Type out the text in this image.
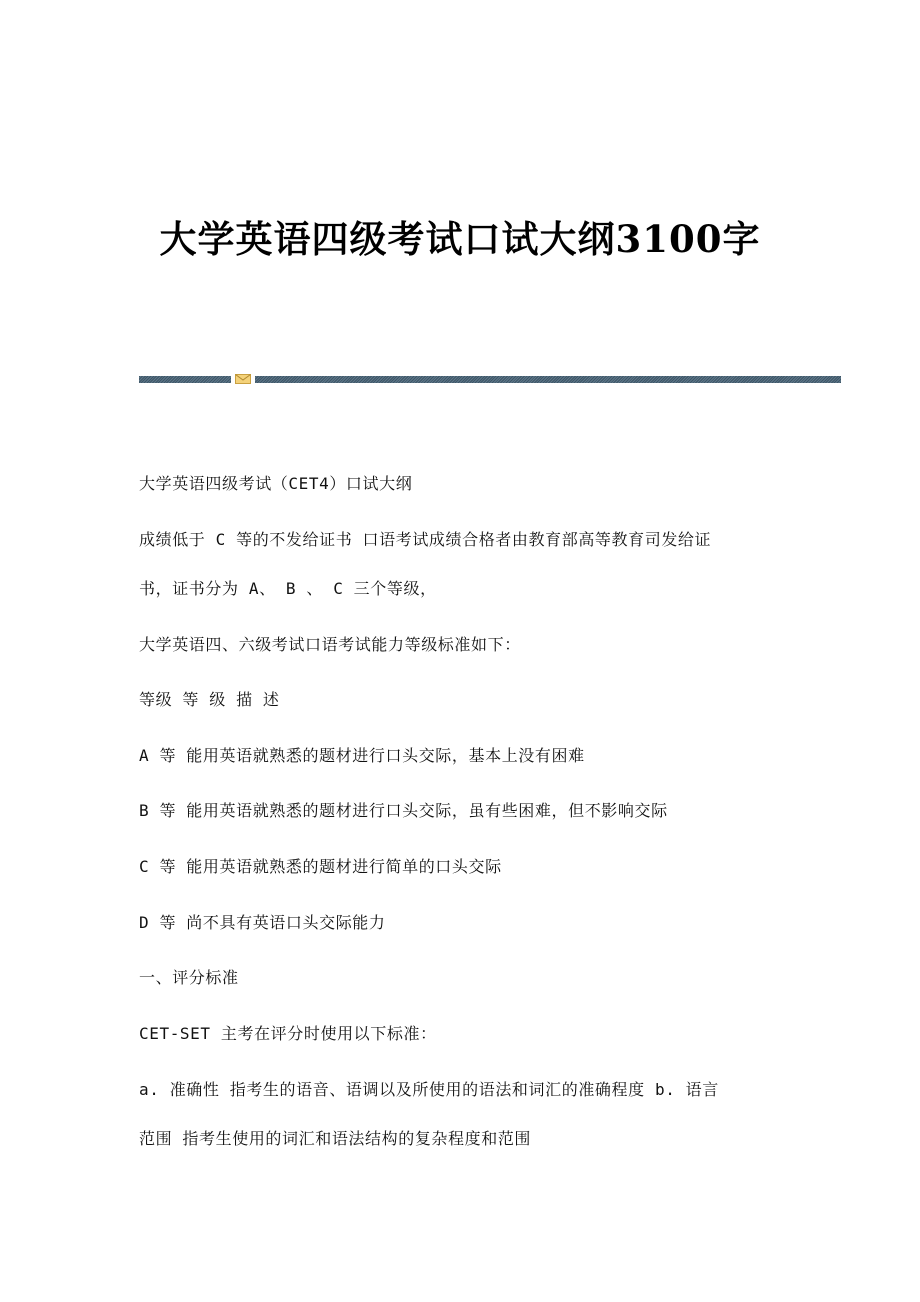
大学英语四级考试口试大纲3100字
大学英语四级考试（CET4）口试大纲
成绩低于 C 等的不发给证书 口语考试成绩合格者由教育部高等教育司发给证
书，证书分为 A、 B 、 C 三个等级，
大学英语四、六级考试口语考试能力等级标准如下：
等级 等 级 描 述
A 等 能用英语就熟悉的题材进行口头交际，基本上没有困难
B 等 能用英语就熟悉的题材进行口头交际，虽有些困难，但不影响交际
C 等 能用英语就熟悉的题材进行简单的口头交际
D 等 尚不具有英语口头交际能力
一、评分标准
CET-SET 主考在评分时使用以下标准：
a. 准确性 指考生的语音、语调以及所使用的语法和词汇的准确程度 b. 语言
范围 指考生使用的词汇和语法结构的复杂程度和范围
